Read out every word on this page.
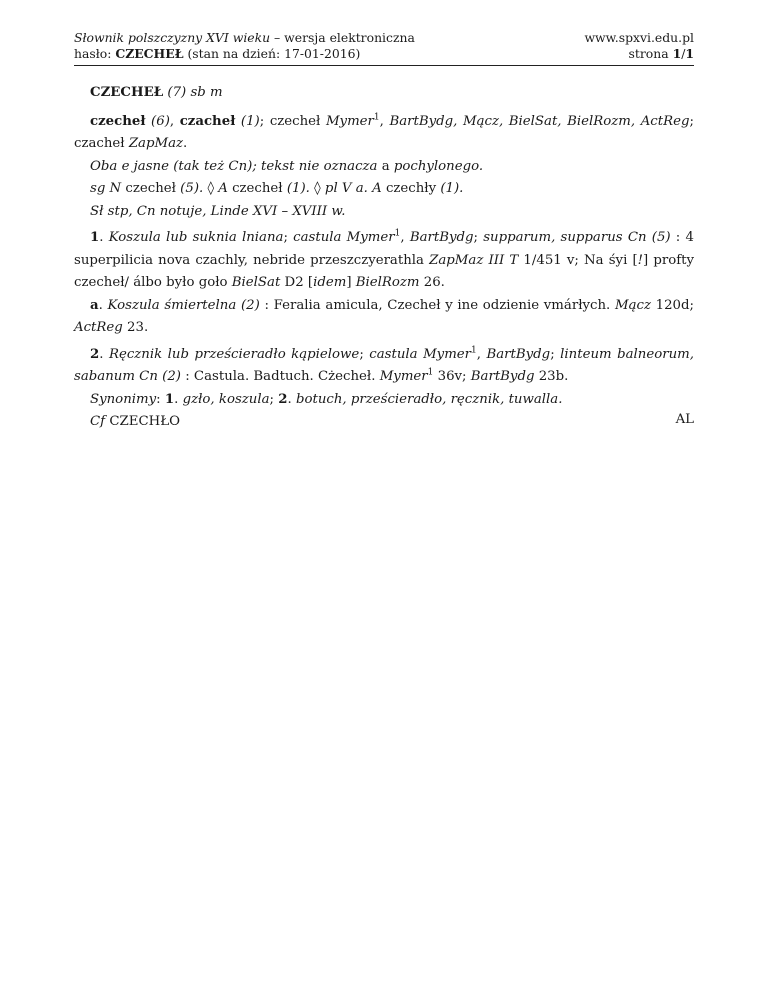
Słownik polszczyzny XVI wieku – wersja elektroniczna
hasło: CZECHEŁ (stan na dzień: 17-01-2016)
www.spxvi.edu.pl
strona 1/1

CZECHEŁ (7) sb m

czecheł (6), czacheł (1); czecheł Mymer$^1$, BartBydg, Mącz, BielSat, BielRozm, ActReg; czacheł ZapMaz.

Oba e jasne (tak też Cn); tekst nie oznacza a pochylonego.

sg N czecheł (5). ◊ A czecheł (1). ◊ pl V a. A czechły (1).

Sł stp, Cn notuje, Linde XVI – XVIII w.

1. Koszula lub suknia lniana; castula Mymer$^1$, BartBydg; supparum, supparus Cn (5) : 4 superpilicia nova czachly, nebride przeszczyerathla ZapMaz III T 1/451 v; Na śyi [!] profty czecheł/ álbo było goło BielSat D2 [idem] BielRozm 26.

a. Koszula śmiertelna (2) : Feralia amicula, Czecheł y ine odzienie vmárłych. Mącz 120d; ActReg 23.

2. Ręcznik lub prześcieradło kąpielowe; castula Mymer$^1$, BartBydg; linteum balneorum, sabanum Cn (2) : Castula. Badtuch. Cżecheł. Mymer$^1$ 36v; BartBydg 23b.

Synonimy: 1. gzło, koszula; 2. botuch, prześcieradło, ręcznik, tuwalla.

Cf CZECHŁO	AL
